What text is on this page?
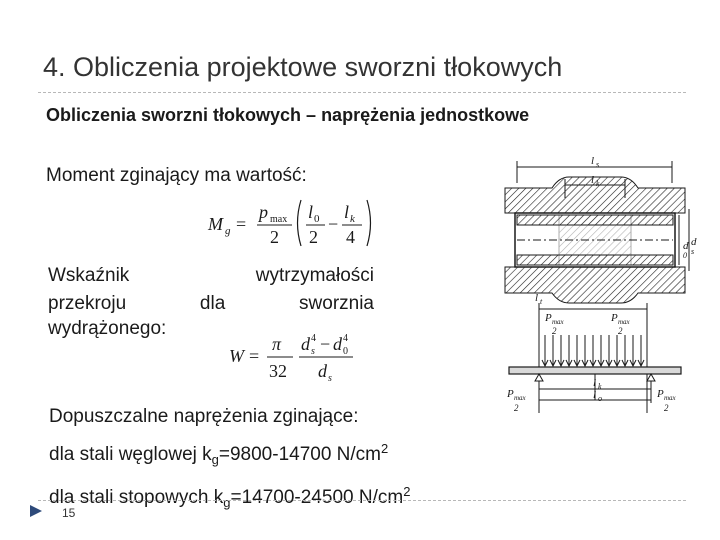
4. Obliczenia projektowe sworzni tłokowych
Obliczenia sworzni tłokowych – naprężenia jednostkowe
Moment zginający ma wartość:
M g =
p max
2
l 0
2
−
l k
4
Wskaźnik wytrzymałości
przekroju dla sworznia
wydrążonego:
W =
π
32
d s
4 − d 0
4
d s
Dopuszczalne naprężenia zginające:
dla stali węglowej $k_g=9800-14700$ $N/cm^2$
dla stali stopowych $k_g=14700-24500$ $N/cm^2$
l s
l k
l t
d
0
d
s
P max
2
P max
2
l k
l o
P max
2
P max
2
15
